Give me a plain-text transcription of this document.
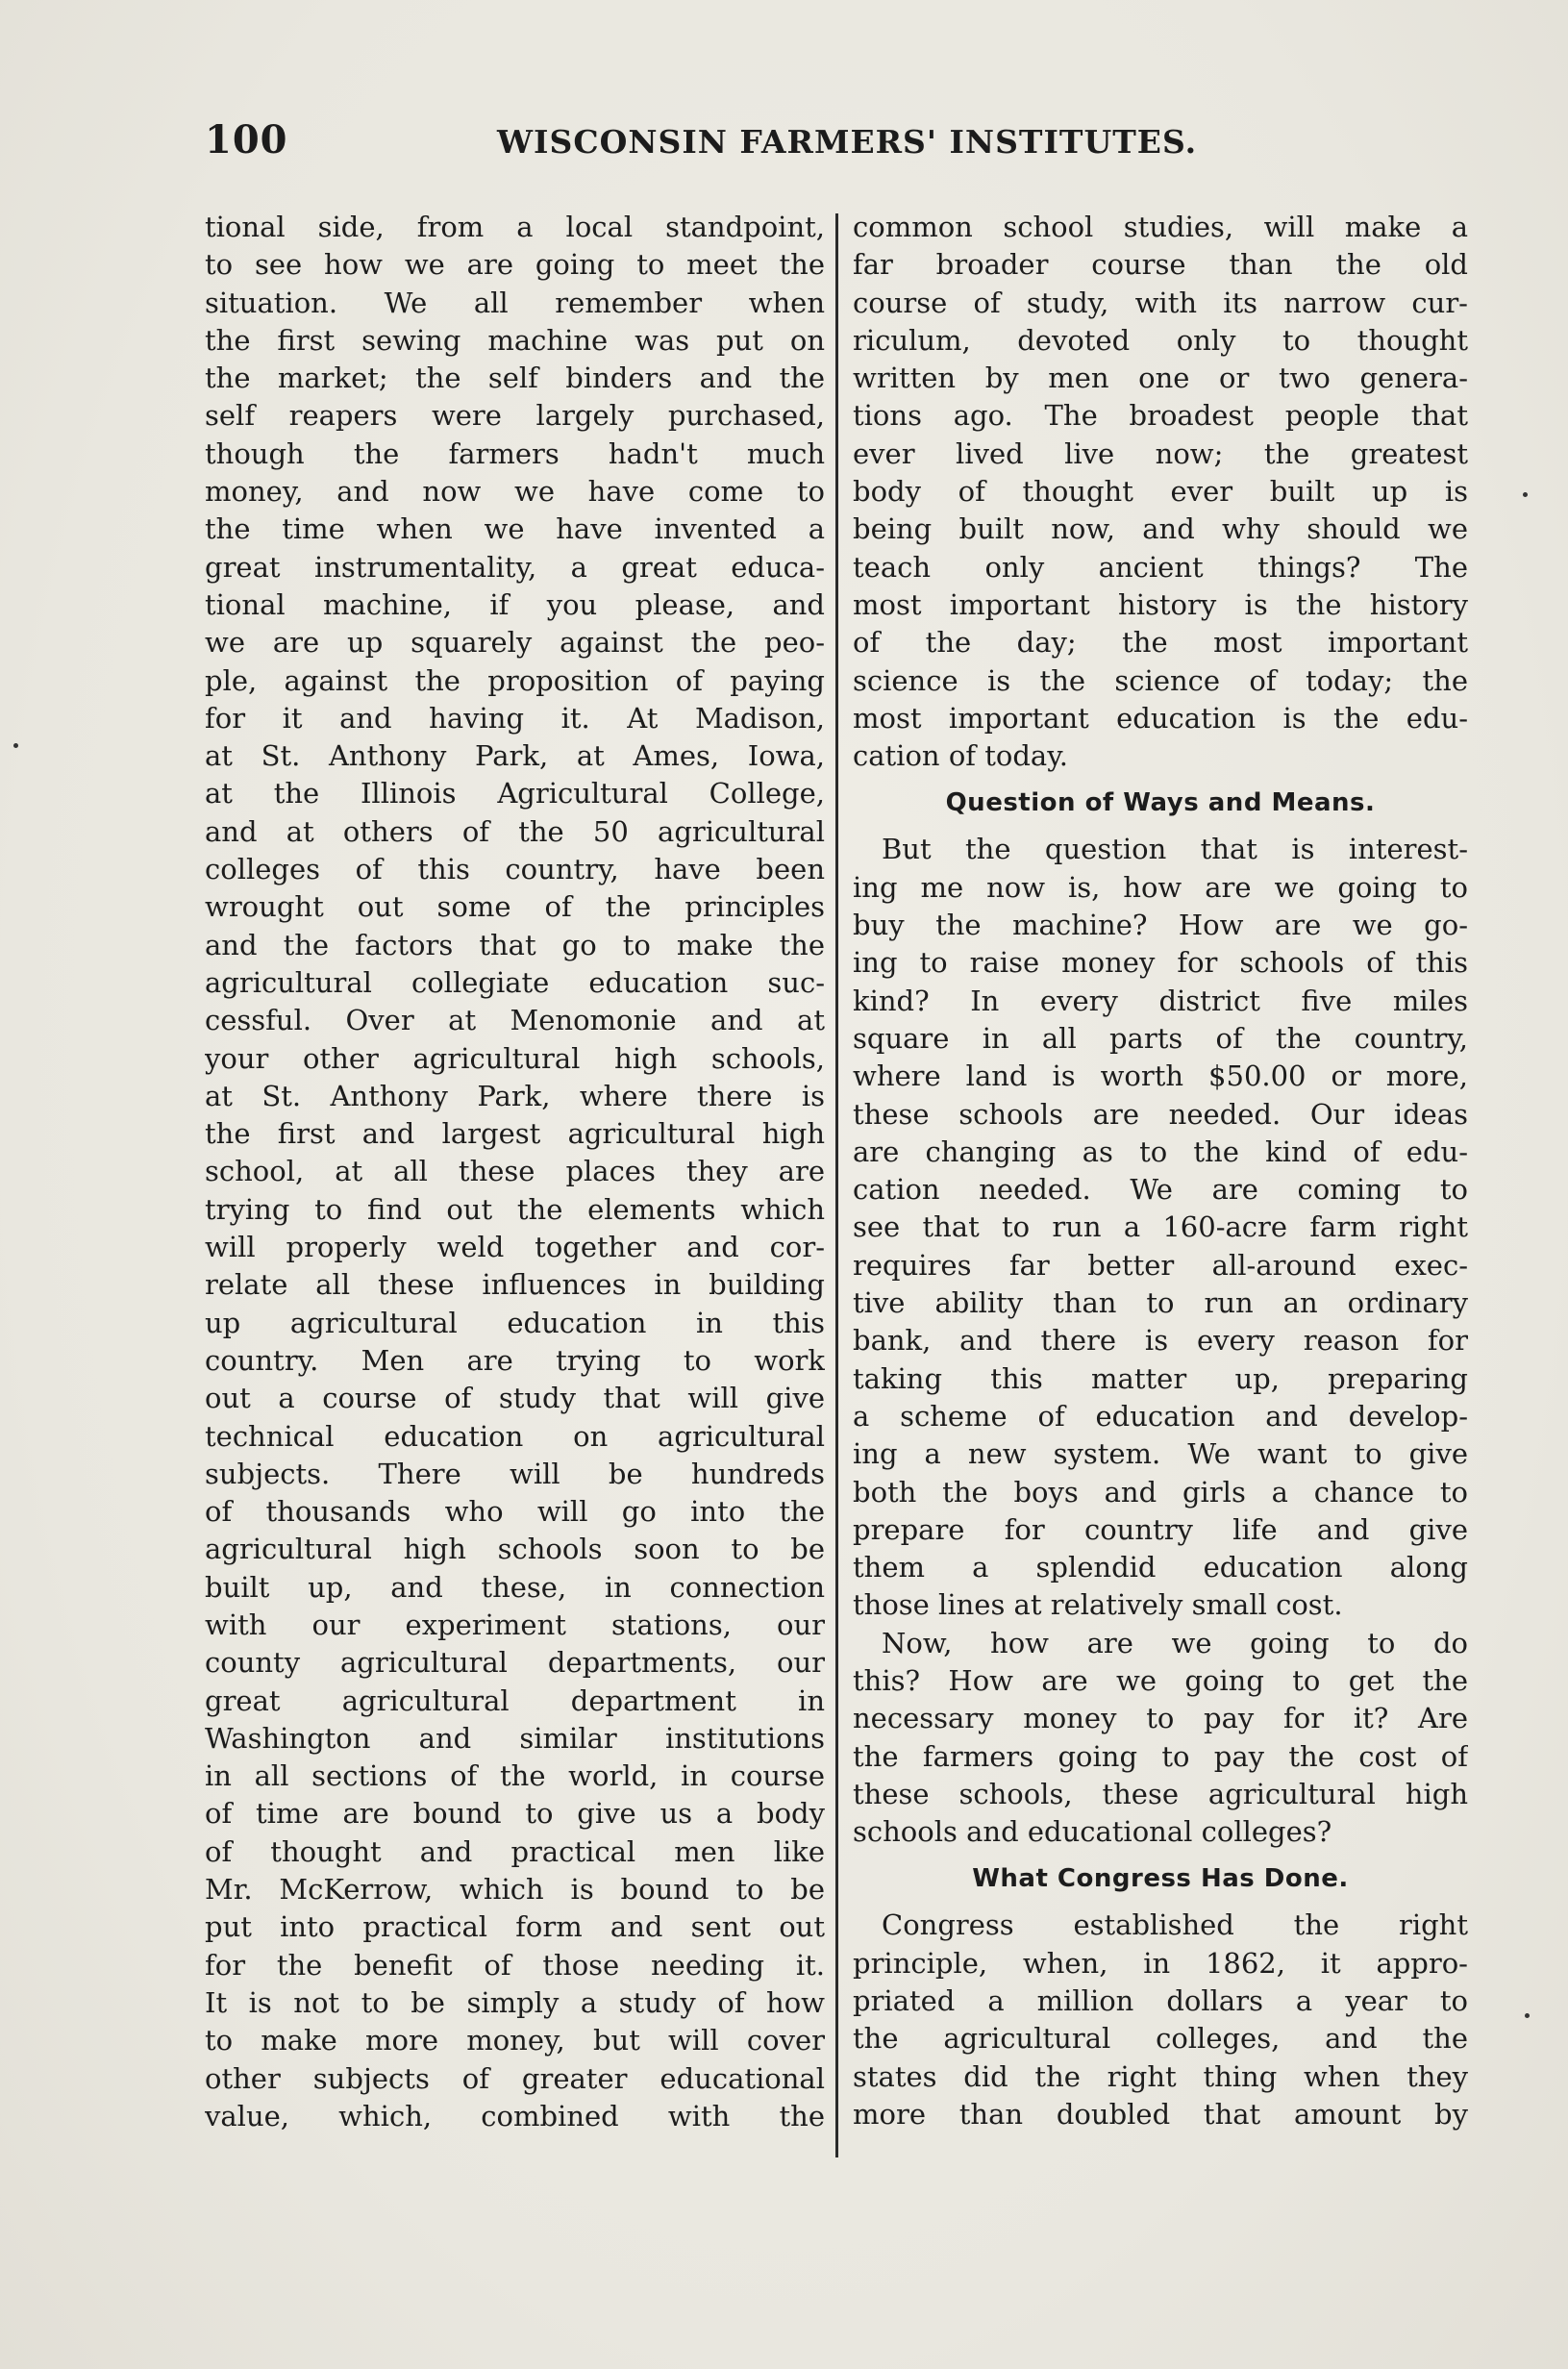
100	WISCONSIN FARMERS' INSTITUTES.
tional side, from a local standpoint,
to see how we are going to meet the
situation. We all remember when
the first sewing machine was put on
the market; the self binders and the
self reapers were largely purchased,
though the farmers hadn't much
money, and now we have come to
the time when we have invented a
great instrumentality, a great educa-
tional machine, if you please, and
we are up squarely against the peo-
ple, against the proposition of paying
for it and having it. At Madison,
at St. Anthony Park, at Ames, Iowa,
at the Illinois Agricultural College,
and at others of the 50 agricultural
colleges of this country, have been
wrought out some of the principles
and the factors that go to make the
agricultural collegiate education suc-
cessful. Over at Menomonie and at
your other agricultural high schools,
at St. Anthony Park, where there is
the first and largest agricultural high
school, at all these places they are
trying to find out the elements which
will properly weld together and cor-
relate all these influences in building
up agricultural education in this
country. Men are trying to work
out a course of study that will give
technical education on agricultural
subjects. There will be hundreds
of thousands who will go into the
agricultural high schools soon to be
built up, and these, in connection
with our experiment stations, our
county agricultural departments, our
great agricultural department in
Washington and similar institutions
in all sections of the world, in course
of time are bound to give us a body
of thought and practical men like
Mr. McKerrow, which is bound to be
put into practical form and sent out
for the benefit of those needing it.
It is not to be simply a study of how
to make more money, but will cover
other subjects of greater educational
value, which, combined with the
common school studies, will make a
far broader course than the old
course of study, with its narrow cur-
riculum, devoted only to thought
written by men one or two genera-
tions ago. The broadest people that
ever lived live now; the greatest
body of thought ever built up is
being built now, and why should we
teach only ancient things? The
most important history is the history
of the day; the most important
science is the science of today; the
most important education is the edu-
cation of today.
Question of Ways and Means.
But the question that is interest-
ing me now is, how are we going to
buy the machine? How are we go-
ing to raise money for schools of this
kind? In every district five miles
square in all parts of the country,
where land is worth $50.00 or more,
these schools are needed. Our ideas
are changing as to the kind of edu-
cation needed. We are coming to
see that to run a 160-acre farm right
requires far better all-around exec-
tive ability than to run an ordinary
bank, and there is every reason for
taking this matter up, preparing
a scheme of education and develop-
ing a new system. We want to give
both the boys and girls a chance to
prepare for country life and give
them a splendid education along
those lines at relatively small cost.
Now, how are we going to do
this? How are we going to get the
necessary money to pay for it? Are
the farmers going to pay the cost of
these schools, these agricultural high
schools and educational colleges?
What Congress Has Done.
Congress established the right
principle, when, in 1862, it appro-
priated a million dollars a year to
the agricultural colleges, and the
states did the right thing when they
more than doubled that amount by
